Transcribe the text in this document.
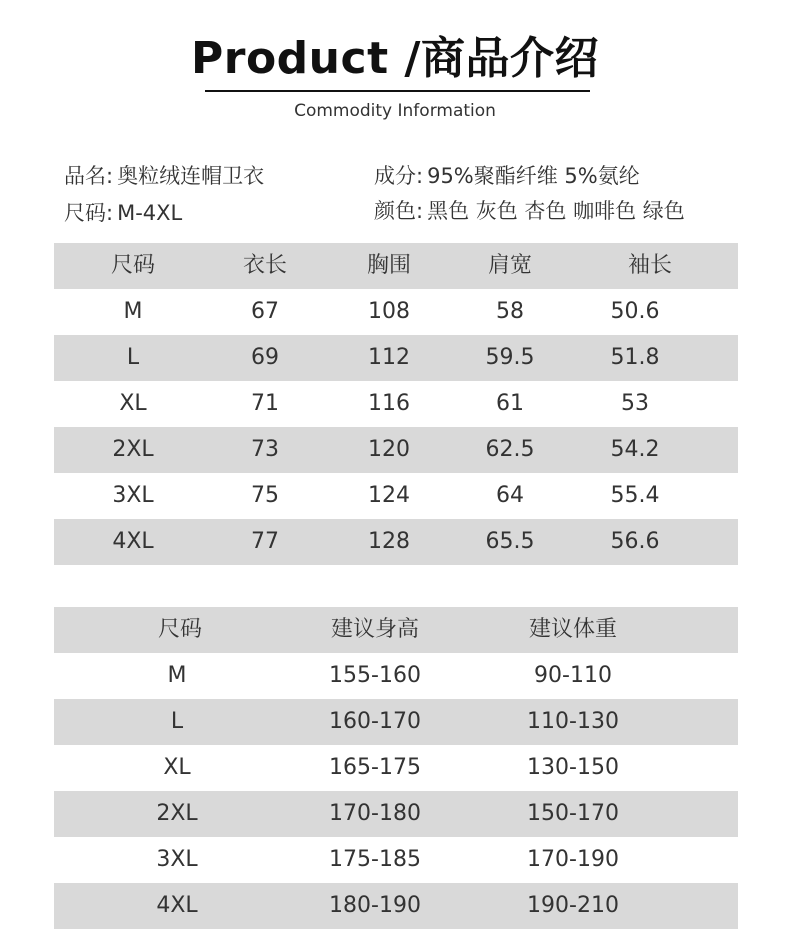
Product /商品介绍
Commodity Information
品名: 奥粒绒连帽卫衣
尺码: M-4XL
成分: 95%聚酯纤维 5%氨纶
颜色: 黑色 灰色 杏色 咖啡色 绿色
尺码	衣长	胸围	肩宽	袖长
M	67	108	58	50.6
L	69	112	59.5	51.8
XL	71	116	61	53
2XL	73	120	62.5	54.2
3XL	75	124	64	55.4
4XL	77	128	65.5	56.6
尺码	建议身高	建议体重
M	155-160	90-110
L	160-170	110-130
XL	165-175	130-150
2XL	170-180	150-170
3XL	175-185	170-190
4XL	180-190	190-210
